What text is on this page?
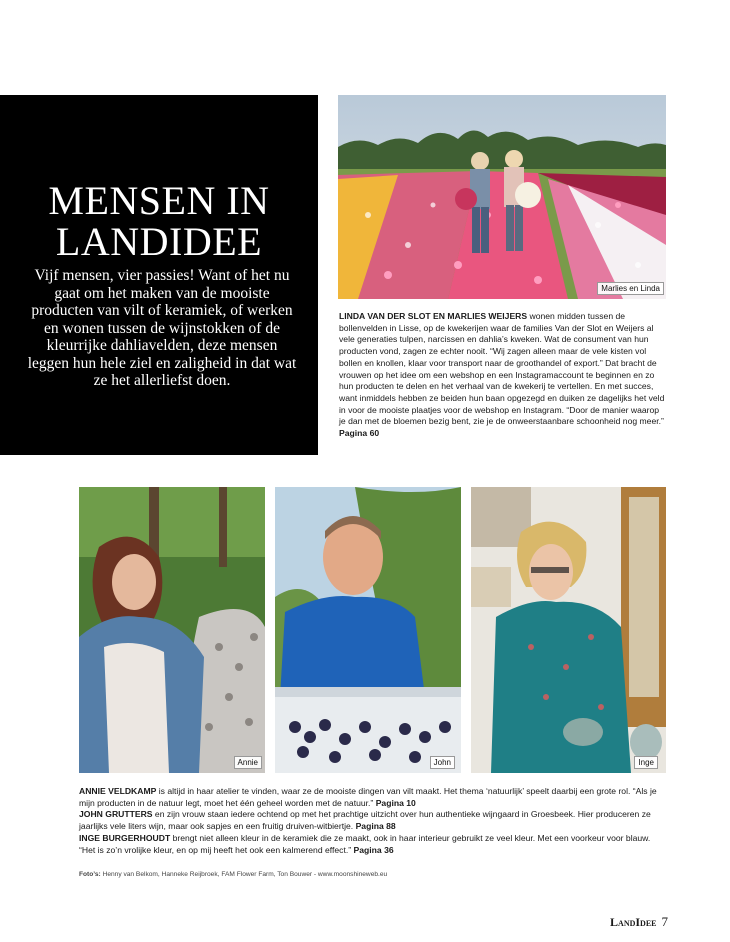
MENSEN IN LANDIDEE
Vijf mensen, vier passies! Want of het nu gaat om het maken van de mooiste producten van vilt of keramiek, of werken en wonen tussen de wijnstokken of de kleurrijke dahliavelden, deze mensen leggen hun hele ziel en zaligheid in dat wat ze het allerliefst doen.
Marlies en Linda
LINDA VAN DER SLOT EN MARLIES WEIJERS wonen midden tussen de bollenvelden in Lisse, op de kwekerijen waar de families Van der Slot en Weijers al vele generaties tulpen, narcissen en dahlia’s kweken. Wat de consument van hun producten vond, zagen ze echter nooit. “Wij zagen alleen maar de vele kisten vol bollen en knollen, klaar voor transport naar de groothandel of export.” Dat bracht de vrouwen op het idee om een webshop en een Instagramaccount te beginnen en zo hun producten te delen en het verhaal van de kwekerij te vertellen. En met succes, want inmiddels hebben ze beiden hun baan opgezegd en duiken ze dagelijks het veld in voor de mooiste plaatjes voor de webshop en Instagram. “Door de manier waarop je dan met de bloemen bezig bent, zie je de onweerstaanbare schoonheid nog meer.” Pagina 60
Annie	John	Inge
ANNIE VELDKAMP is altijd in haar atelier te vinden, waar ze de mooiste dingen van vilt maakt. Het thema ‘natuurlijk’ speelt daarbij een grote rol. “Als je mijn producten in de natuur legt, moet het één geheel worden met de natuur.” Pagina 10
JOHN GRUTTERS en zijn vrouw staan iedere ochtend op met het prachtige uitzicht over hun authentieke wijngaard in Groesbeek. Hier produceren ze jaarlijks vele liters wijn, maar ook sapjes en een fruitig druiven-witbiertje. Pagina 88
INGE BURGERHOUDT brengt niet alleen kleur in de keramiek die ze maakt, ook in haar interieur gebruikt ze veel kleur. Met een voorkeur voor blauw. “Het is zo’n vrolijke kleur, en op mij heeft het ook een kalmerend effect.” Pagina 36
Foto’s: Henny van Belkom, Hanneke Reijbroek, FAM Flower Farm, Ton Bouwer - www.moonshineweb.eu
LandIdee 7
